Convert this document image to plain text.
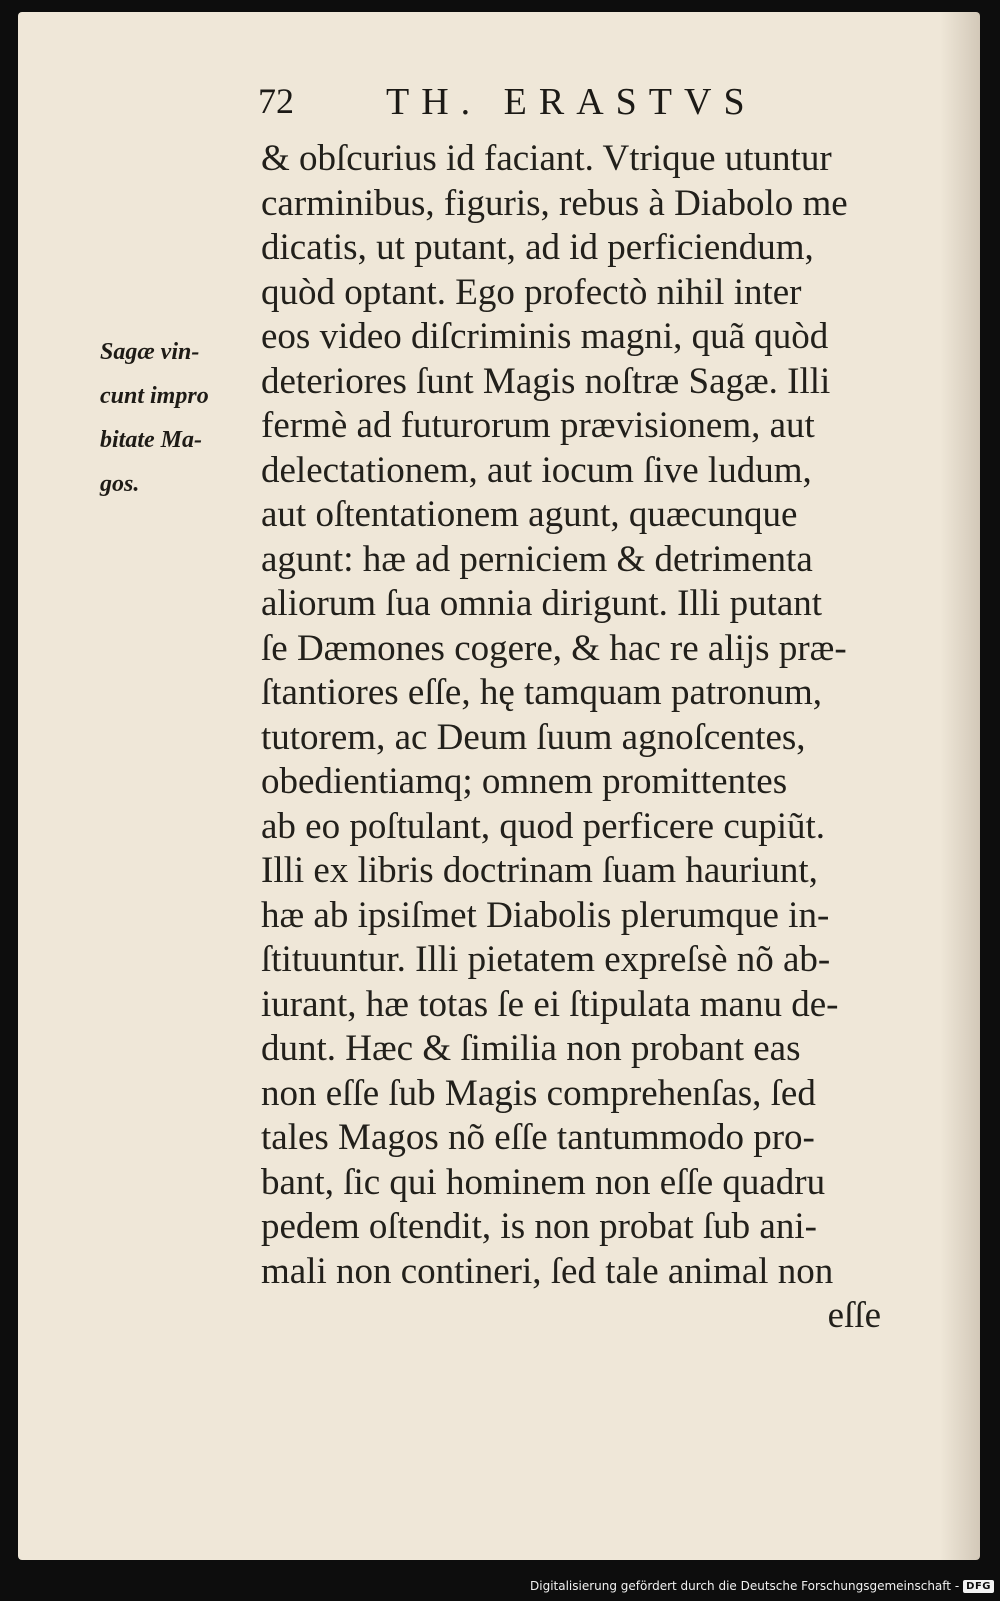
72 TH. ERASTVS
Sagæ vin-
cunt impro
bitate Ma-
gos.
& obſcurius id faciant. Vtrique utuntur
carminibus, figuris, rebus à Diabolo me
dicatis, ut putant, ad id perficiendum,
quòd optant. Ego profectò nihil inter
eos video diſcriminis magni, quã quòd
deteriores ſunt Magis noſtræ Sagæ. Illi
fermè ad futurorum prævisionem, aut
delectationem, aut iocum ſive ludum,
aut oſtentationem agunt, quæcunque
agunt: hæ ad perniciem & detrimenta
aliorum ſua omnia dirigunt. Illi putant
ſe Dæmones cogere, & hac re alijs præ-
ſtantiores eſſe, hę tamquam patronum,
tutorem, ac Deum ſuum agnoſcentes,
obedientiamq; omnem promittentes
ab eo poſtulant, quod perficere cupiũt.
Illi ex libris doctrinam ſuam hauriunt,
hæ ab ipsiſmet Diabolis plerumque in-
ſtituuntur. Illi pietatem expreſsè nõ ab-
iurant, hæ totas ſe ei ſtipulata manu de-
dunt. Hæc & ſimilia non probant eas
non eſſe ſub Magis comprehenſas, ſed
tales Magos nõ eſſe tantummodo pro-
bant, ſic qui hominem non eſſe quadru
pedem oſtendit, is non probat ſub ani-
mali non contineri, ſed tale animal non
eſſe
Digitalisierung gefördert durch die Deutsche Forschungsgemeinschaft - DFG
